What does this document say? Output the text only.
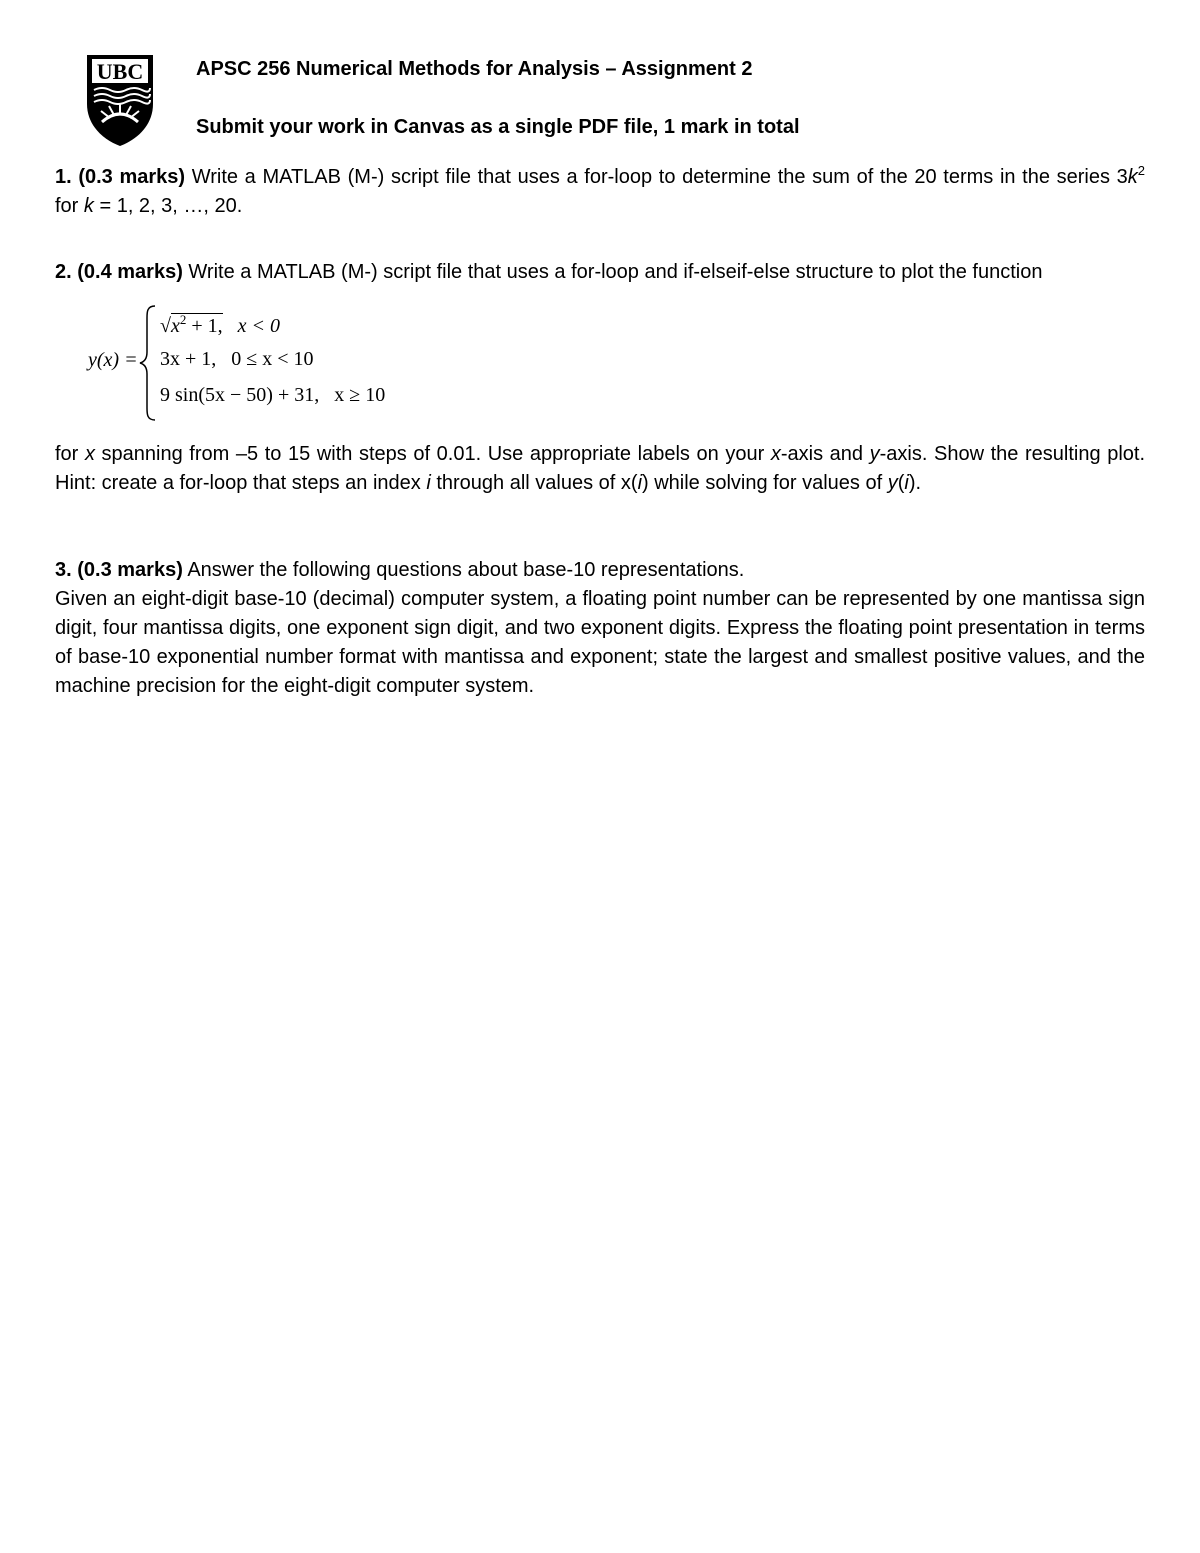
UBC	APSC 256 Numerical Methods for Analysis – Assignment 2
Submit your work in Canvas as a single PDF file, 1 mark in total
1. (0.3 marks) Write a MATLAB (M-) script file that uses a for-loop to determine the sum of the 20 terms in the series $3k^2$ for k = 1, 2, 3, …, 20.
2. (0.4 marks) Write a MATLAB (M-) script file that uses a for-loop and if-elseif-else structure to plot the function
y(x) =
$√x^2 + 1$, x < 0
3x + 1, 0 ≤ x < 10
9 sin(5x − 50) + 31, x ≥ 10
for x spanning from –5 to 15 with steps of 0.01. Use appropriate labels on your x-axis and y-axis. Show the resulting plot. Hint: create a for-loop that steps an index i through all values of x(i) while solving for values of y(i).
3. (0.3 marks) Answer the following questions about base-10 representations.
Given an eight-digit base-10 (decimal) computer system, a floating point number can be represented by one mantissa sign digit, four mantissa digits, one exponent sign digit, and two exponent digits. Express the floating point presentation in terms of base-10 exponential number format with mantissa and exponent; state the largest and smallest positive values, and the machine precision for the eight-digit computer system.
